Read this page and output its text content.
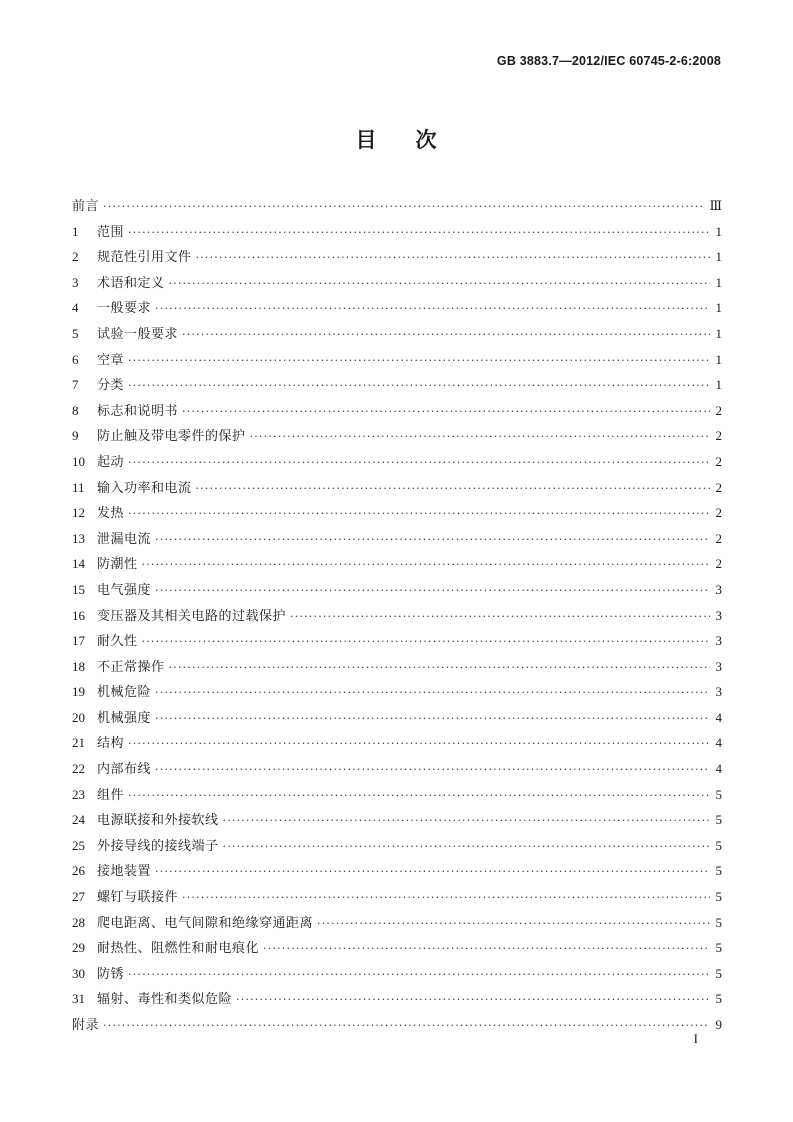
GB 3883.7—2012/IEC 60745-2-6:2008
目 次
前言 ·····	Ⅲ
1	范围 ·····	1
2	规范性引用文件 ·····	1
3	术语和定义 ·····	1
4	一般要求 ·····	1
5	试验一般要求 ·····	1
6	空章 ·····	1
7	分类 ·····	1
8	标志和说明书 ·····	2
9	防止触及带电零件的保护 ·····	2
10 起动 ·····	2
11 输入功率和电流 ·····	2
12 发热 ·····	2
13 泄漏电流 ·····	2
14 防潮性 ·····	2
15 电气强度 ·····	3
16 变压器及其相关电路的过载保护 ·····	3
17 耐久性 ·····	3
18 不正常操作 ·····	3
19 机械危险 ·····	3
20 机械强度 ·····	4
21 结构 ·····	4
22 内部布线 ·····	4
23 组件 ·····	5
24 电源联接和外接软线 ·····	5
25 外接导线的接线端子 ·····	5
26 接地装置 ·····	5
27 螺钉与联接件 ·····	5
28 爬电距离、电气间隙和绝缘穿通距离 ·····	5
29 耐热性、阻燃性和耐电痕化 ·····	5
30 防锈 ·····	5
31 辐射、毒性和类似危险 ·····	5
附录 ·····	9
I
